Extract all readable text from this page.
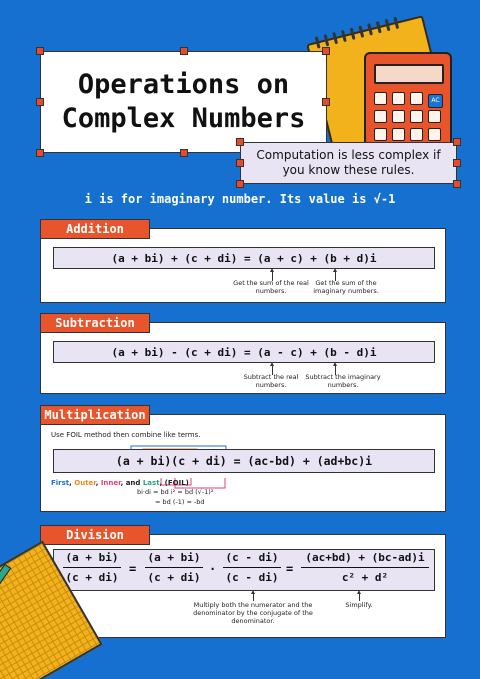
AC
Operations on
Complex Numbers
Computation is less complex if you know these rules.
i is for imaginary number. Its value is √-1
(a + bi) + (c + di) = (a + c) + (b + d)i
Get the sum of the real numbers.
Get the sum of the imaginary numbers.
Addition
(a + bi) - (c + di) = (a - c) + (b - d)i
Subtract the real numbers.
Subtract the imaginary numbers.
Subtraction
Use FOIL method then combine like terms.
(a + bi)(c + di) = (ac-bd) + (ad+bc)i
First, Outer, Inner, and Last, (FOIL)
bi·di = bd i² = bd (√-1)²
= bd (-1) = -bd
Multiplication
$\frac{(a + bi)}{(c + di)} = \frac{(a + bi)}{(c + di)} \cdot \frac{(c - di)}{(c - di)} = \frac{(ac+bd) + (bc-ad)i}{\text{c² + d²}}$
Multiply both the numerator and the denominator by the conjugate of the denominator.
Simplify.
Division
